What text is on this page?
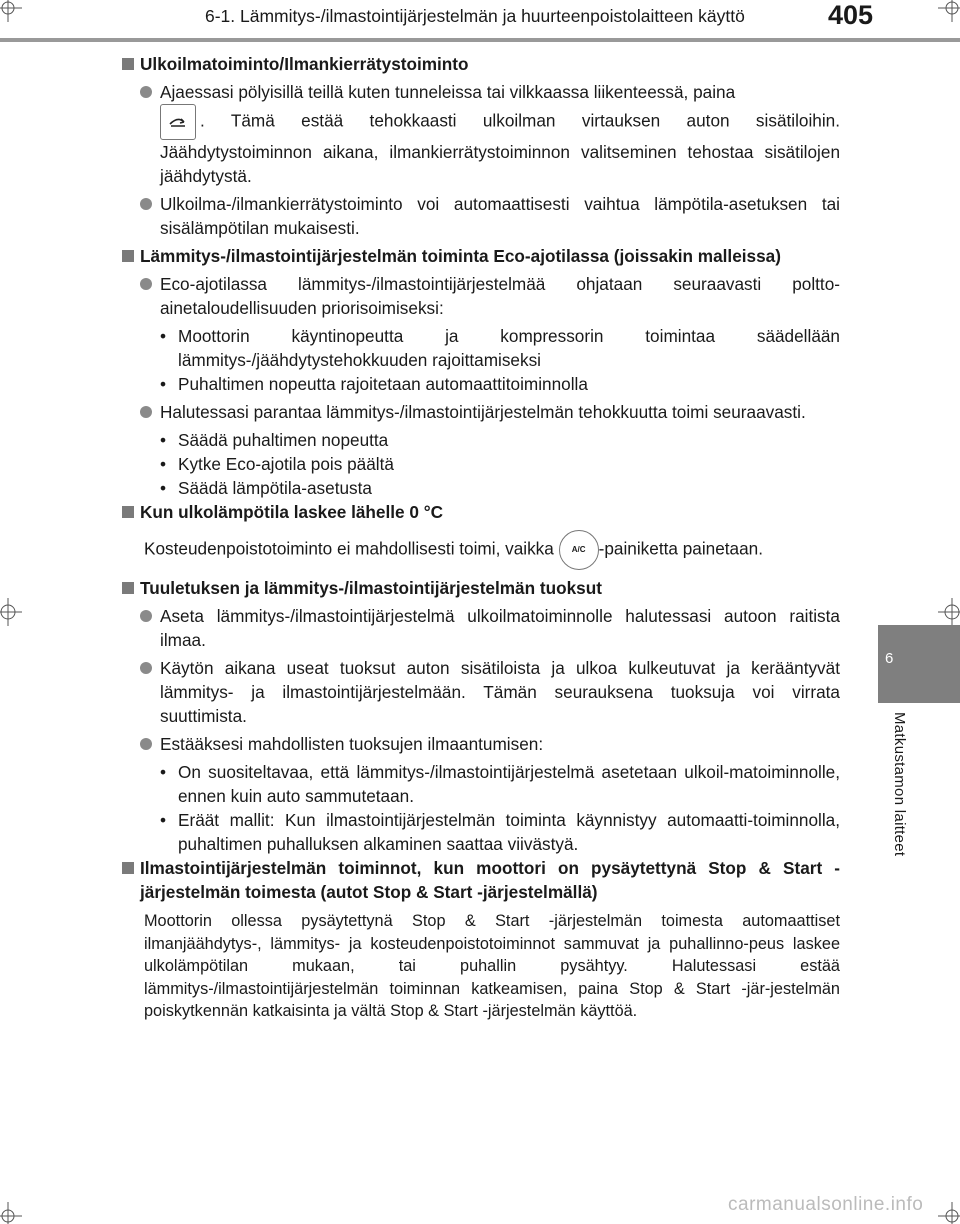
6-1. Lämmitys-/ilmastointijärjestelmän ja huurteenpoistolaitteen käyttö	405
6
Matkustamon laitteet
Ulkoilmatoiminto/Ilmankierrätystoiminto
Ajaessasi pölyisillä teillä kuten tunneleissa tai vilkkaassa liikenteessä, paina

. Tämä estää tehokkaasti ulkoilman virtauksen auton sisätiloihin. Jäähdytystoiminnon aikana, ilmankierrätystoiminnon valitseminen tehostaa sisätilojen jäähdytystä.
Ulkoilma-/ilmankierrätystoiminto voi automaattisesti vaihtua lämpötila-asetuksen tai sisälämpötilan mukaisesti.
Lämmitys-/ilmastointijärjestelmän toiminta Eco-ajotilassa (joissakin malleissa)
Eco-ajotilassa lämmitys-/ilmastointijärjestelmää ohjataan seuraavasti poltto-ainetaloudellisuuden priorisoimiseksi:
• Moottorin käyntinopeutta ja kompressorin toimintaa säädellään lämmitys-/jäähdytystehokkuuden rajoittamiseksi
• Puhaltimen nopeutta rajoitetaan automaattitoiminnolla
Halutessasi parantaa lämmitys-/ilmastointijärjestelmän tehokkuutta toimi seuraavasti.
• Säädä puhaltimen nopeutta
• Kytke Eco-ajotila pois päältä
• Säädä lämpötila-asetusta
Kun ulkolämpötila laskee lähelle 0 °C
Kosteudenpoistotoiminto ei mahdollisesti toimi, vaikka A/C -painiketta painetaan.
Tuuletuksen ja lämmitys-/ilmastointijärjestelmän tuoksut
Aseta lämmitys-/ilmastointijärjestelmä ulkoilmatoiminnolle halutessasi autoon raitista ilmaa.
Käytön aikana useat tuoksut auton sisätiloista ja ulkoa kulkeutuvat ja kerääntyvät lämmitys- ja ilmastointijärjestelmään. Tämän seurauksena tuoksuja voi virrata suuttimista.
Estääksesi mahdollisten tuoksujen ilmaantumisen:
• On suositeltavaa, että lämmitys-/ilmastointijärjestelmä asetetaan ulkoil-matoiminnolle, ennen kuin auto sammutetaan.
• Eräät mallit: Kun ilmastointijärjestelmän toiminta käynnistyy automaatti-toiminnolla, puhaltimen puhalluksen alkaminen saattaa viivästyä.
Ilmastointijärjestelmän toiminnot, kun moottori on pysäytettynä Stop & Start -järjestelmän toimesta (autot Stop & Start -järjestelmällä)
Moottorin ollessa pysäytettynä Stop & Start -järjestelmän toimesta automaattiset ilmanjäähdytys-, lämmitys- ja kosteudenpoistotoiminnot sammuvat ja puhallinno-peus laskee ulkolämpötilan mukaan, tai puhallin pysähtyy. Halutessasi estää lämmitys-/ilmastointijärjestelmän toiminnan katkeamisen, paina Stop & Start -jär-jestelmän poiskytkennän katkaisinta ja vältä Stop & Start -järjestelmän käyttöä.
carmanualsonline.info
